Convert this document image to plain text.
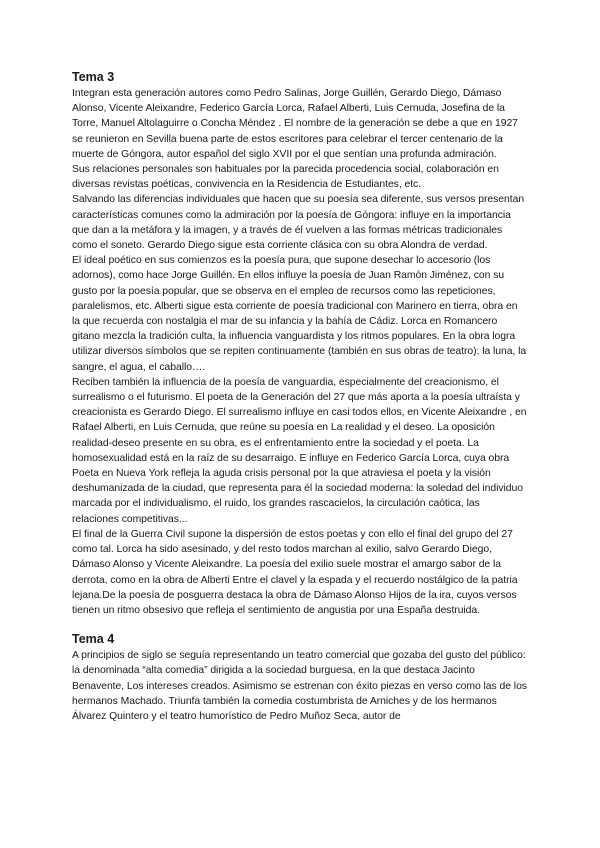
Tema 3

Integran esta generación autores como Pedro Salinas, Jorge Guillén, Gerardo Diego, Dámaso Alonso, Vicente Aleixandre, Federico García Lorca, Rafael Alberti, Luis Cernuda, Josefina de la Torre, Manuel Altolaguirre o Concha Méndez . El nombre de la generación se debe a que en 1927 se reunieron en Sevilla buena parte de estos escritores para celebrar el tercer centenario de la muerte de Góngora, autor español del siglo XVII por el que sentían una profunda admiración.

Sus relaciones personales son habituales por la parecida procedencia social, colaboración en diversas revistas poéticas, convivencia en la Residencia de Estudiantes, etc.

Salvando las diferencias individuales que hacen que su poesía sea diferente, sus versos presentan características comunes como la admiración por la poesía de Góngora: influye en la importancia que dan a la metáfora y la imagen, y a través de él vuelven a las formas métricas tradicionales como el soneto. Gerardo Diego sigue esta corriente clásica con su obra Alondra de verdad.

El ideal poético en sus comienzos es la poesía pura, que supone desechar lo accesorio (los adornos), como hace Jorge Guillén. En ellos influye la poesía de Juan Ramón Jiménez, con su gusto por la poesía popular, que se observa en el empleo de recursos como las repeticiones, paralelismos, etc. Alberti sigue esta corriente de poesía tradicional con Marinero en tierra, obra en la que recuerda con nostalgia el mar de su infancia y la bahía de Cádiz. Lorca en Romancero gitano mezcla la tradición culta, la influencia vanguardista y los ritmos populares. En la obra logra utilizar diversos símbolos que se repiten continuamente (también en sus obras de teatro): la luna, la sangre, el agua, el caballo….

Reciben también la influencia de la poesía de vanguardia, especialmente del creacionismo, el surrealismo o el futurismo. El poeta de la Generación del 27 que más aporta a la poesía ultraísta y creacionista es Gerardo Diego. El surrealismo influye en casi todos ellos, en Vicente Aleixandre , en Rafael Alberti, en Luis Cernuda, que reúne su poesía en La realidad y el deseo. La oposición realidad-deseo presente en su obra, es el enfrentamiento entre la sociedad y el poeta. La homosexualidad está en la raíz de su desarraigo. E influye en Federico García Lorca, cuya obra Poeta en Nueva York refleja la aguda crisis personal por la que atraviesa el poeta y la visión deshumanizada de la ciudad, que representa para él la sociedad moderna: la soledad del individuo marcada por el individualismo, el ruido, los grandes rascacielos, la circulación caótica, las relaciones competitivas...

El final de la Guerra Civil supone la dispersión de estos poetas y con ello el final del grupo del 27 como tal. Lorca ha sido asesinado, y del resto todos marchan al exilio, salvo Gerardo Diego, Dámaso Alonso y Vicente Aleixandre. La poesía del exilio suele mostrar el amargo sabor de la derrota, como en la obra de Alberti Entre el clavel y la espada y el recuerdo nostálgico de la patria lejana.De la poesía de posguerra destaca la obra de Dámaso Alonso Hijos de la ira, cuyos versos tienen un ritmo obsesivo que refleja el sentimiento de angustia por una España destruida.

Tema 4

A principios de siglo se seguía representando un teatro comercial que gozaba del gusto del público: la denominada “alta comedia” dirigida a la sociedad burguesa, en la que destaca Jacinto Benavente, Los intereses creados. Asimismo se estrenan con éxito piezas en verso como las de los hermanos Machado. Triunfa también la comedia costumbrista de Arniches y de los hermanos Álvarez Quintero y el teatro humorístico de Pedro Muñoz Seca, autor de
